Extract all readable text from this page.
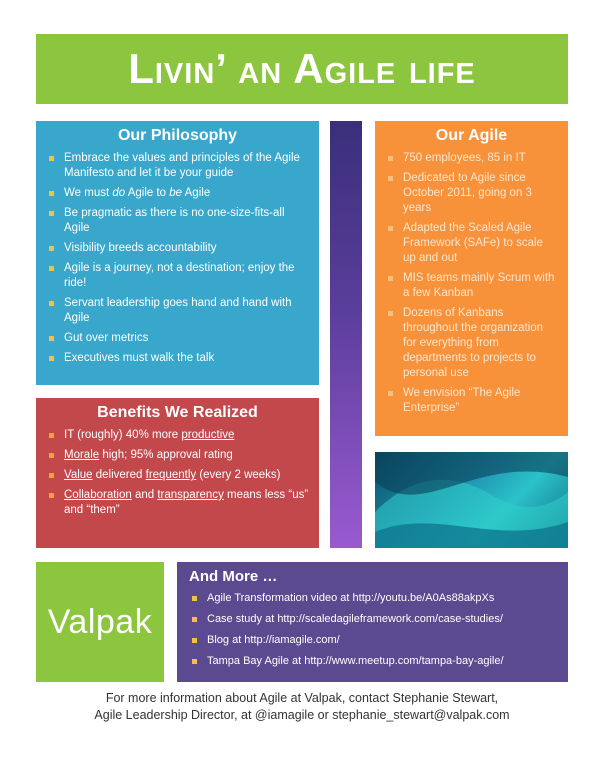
Livin’ an Agile life
Our Philosophy
Embrace the values and principles of the Agile Manifesto and let it be your guide
We must do Agile to be Agile
Be pragmatic as there is no one-size-fits-all Agile
Visibility breeds accountability
Agile is a journey, not a destination; enjoy the ride!
Servant leadership goes hand and hand with Agile
Gut over metrics
Executives must walk the talk
Our Agile
750 employees, 85 in IT
Dedicated to Agile since October 2011, going on 3 years
Adapted the Scaled Agile Framework (SAFe) to scale up and out
MIS teams mainly Scrum with a few Kanban
Dozens of Kanbans throughout the organization for everything from departments to projects to personal use
We envision “The Agile Enterprise”
Benefits We Realized
IT (roughly) 40% more productive
Morale high; 95% approval rating
Value delivered frequently (every 2 weeks)
Collaboration and transparency means less “us” and “them”
Valpak
And More …
Agile Transformation video at http://youtu.be/A0As88akpXs
Case study at http://scaledagileframework.com/case-studies/
Blog at http://iamagile.com/
Tampa Bay Agile at http://www.meetup.com/tampa-bay-agile/
For more information about Agile at Valpak, contact Stephanie Stewart,
Agile Leadership Director, at @iamagile or stephanie_stewart@valpak.com
